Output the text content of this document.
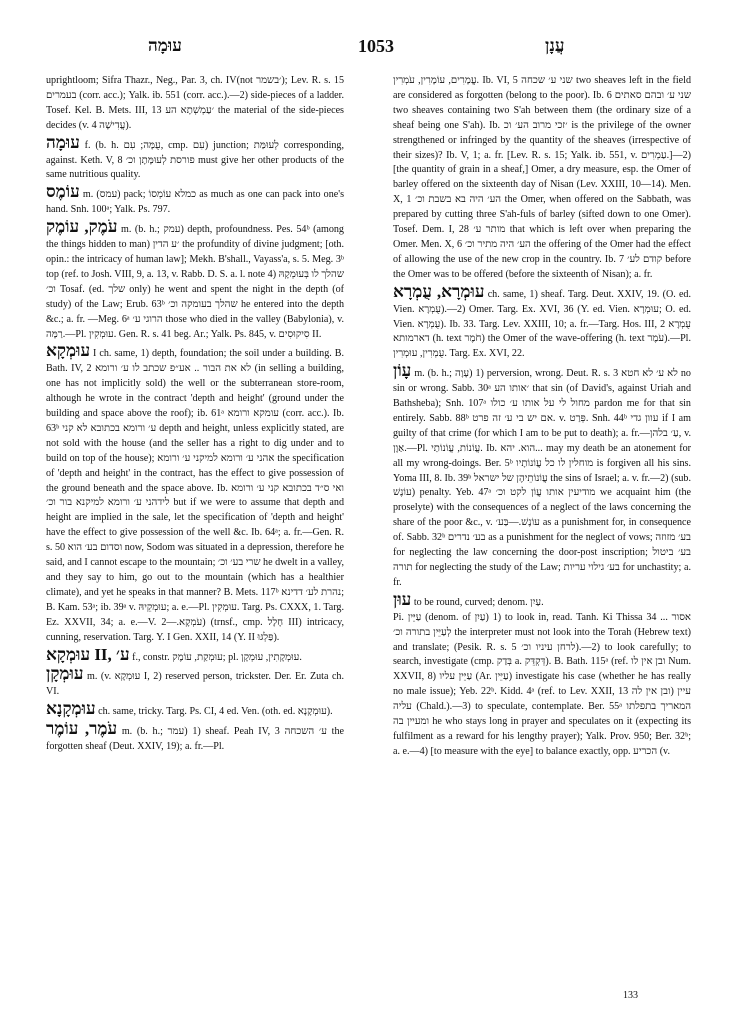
עוּמָה	1053	עֲנָן

uprightloom; Sifra Thazr., Neg., Par. 3, ch. IV(not ׳בשמר); Lev. R. s. 15 בעמרים (corr. acc.); Yalk. ib. 551 (corr. acc.).—2) side-pieces of a ladder. Tosef. Kel. B. Mets. III, 13 ׳עַמְשְׁתָא הע the material of the side-pieces decides (v. עֲדִישָׁה 4).

עוּמָה f. (b. h. עֻמָּה; עִם, cmp. עִם) junction; לְעוּמַּת corresponding, against. Keth. V, 8 פורסת לְעוּמָּתָן וכ׳ must give her other products of the same nutritious quality.

עוֹמֶס m. (עמס) pack; כמלא עוֹמְסוֹ as much as one can pack into one's hand. Snh. 100ᵃ; Yalk. Ps. 797.

עֹמֶק, עוֹמֶק m. (b. h.; עמק) depth, profoundness. Pes. 54ᵇ (among the things hidden to man) ׳ע הדין the profundity of divine judgment; [oth. opin.: the intricacy of human law]; Mekh. B'shall., Vayass'a, s. 5. Meg. 3ᵇ top (ref. to Josh. VIII, 9, a. 13, v. Rabb. D. S. a. l. note 4) שהלך לו בְּעוּמְקָהּ וכ׳ Tosaf. (ed. שלך only) he went and spent the night in the depth (of study) of the Law; Erub. 63ᵇ שהלך בעומקה וכ׳ he entered into the depth &c.; a. fr. —Meg. 6ᵃ הרוגי ע׳ those who died in the valley (Babylonia), v. רַמָּה.—Pl. עוּמְקִין. Gen. R. s. 41 beg. Ar.; Yalk. Ps. 845, v. סִיקוּסִים II.

עוּמְקָא I ch. same, 1) depth, foundation; the soil under a building. B. Bath. IV, 2 לא את הבור .. אע״פ שכתב לו ע׳ ורומא (in selling a building, one has not implicitly sold) the well or the subterranean store-room, although he wrote in the contract 'depth and height' (ground under the building and space above the roof); ib. 61ᵃ עומקא ורומא (corr. acc.). Ib. 63ᵇ ע׳ ורומא בכתובא לא קני depth and height, unless explicitly stated, are not sold with the house (and the seller has a right to dig under and to build on top of the house); אהני ע׳ ורומא למיקני ע׳ ורומא the specification of 'depth and height' in the contract, has the effect to give possession of the ground beneath and the space above. Ib. ואי ס״ד בכתובא קני ע׳ ורומא לידהני ע׳ ורומא למיקנא בור וכ׳ but if we were to assume that depth and height are implied in the sale, let the specification of 'depth and height' have the effect to give possession of the well &c. Ib. 64ᵃ; a. fr.—Gen. R. s. 50 וסדום בע׳ הוא now, Sodom was situated in a depression, therefore he said, and I cannot escape to the mountain; שרי בע׳ וכ׳ he dwelt in a valley, and they say to him, go out to the mountain (which has a healthier climate), and yet he speaks in that manner? B. Mets. 117ᵇ נהרת לע׳ דדינא; B. Kam. 53ᵃ; ib. 39ᵃ v. עוּמְקֵיהּ; a. e.—Pl. עוּמְקִין. Targ. Ps. CXXX, 1. Targ. Ez. XXVII, 34; a. e.—V. עֹמְקָא.—2) (trnsf., cmp. חָלָל III) intricacy, cunning, reservation. Targ. Y. I Gen. XXII, 14 (Y. II פַּלְגּוּ).

עוּמְקָא II, ע׳ f., constr. עוּמְקַת, עוֹמֶק; pl. עוּמְקָתִין, עוּמְקָן.

עוּמְקָן m. (v. עוּמְקָא I, 2) reserved person, trickster. Der. Er. Zuta ch. VI.

עוּמְקָנָא ch. same, tricky. Targ. Ps. CI, 4 ed. Ven. (oth. ed. עוּמְקָנָא).

עֹמֶר, עוֹמֶר m. (b. h.; עמר) 1) sheaf. Peah IV, 3 ע׳ השכחה the forgotten sheaf (Deut. XXIV, 19); a. fr.—Pl.

עֳמָרִים, עוֹמָרִין, עֹמְרִין. Ib. VI, 5 שני ע׳ שכחה two sheaves left in the field are considered as forgotten (belong to the poor). Ib. 6 שני ע׳ ובהם סאתים two sheaves containing two S'ah between them (the ordinary size of a sheaf being one S'ah). Ib. ׳זכי מרוב הע׳ וכ is the privilege of the owner strengthened or infringed by the quantity of the sheaves (irrespective of their sizes)? Ib. V, 1; a. fr. [Lev. R. s. 15; Yalk. ib. 551, v. עַמְרִים.]—2) [the quantity of grain in a sheaf,] Omer, a dry measure, esp. the Omer of barley offered on the sixteenth day of Nisan (Lev. XXIII, 10—14). Men. X, 1 הע׳ היה בא בשבת וכ׳ the Omer, when offered on the Sabbath, was prepared by cutting three S'ah-fuls of barley (sifted down to one Omer). Tosef. Dem. I, 28 מותר ע׳ that which is left over when preparing the Omer. Men. X, 6 הע׳ היה מתיר וכ׳ the offering of the Omer had the effect of allowing the use of the new crop in the country. Ib. 7 קודם לע׳ before the Omer was to be offered (before the sixteenth of Nisan); a. fr.

עוּמְרָא, עֻמְרָא ch. same, 1) sheaf. Targ. Deut. XXIV, 19. (O. ed. Vien. עֻמְרָא).—2) Omer. Targ. Ex. XVI, 36 (Y. ed. Vien. עוּמְרָא; O. ed. Vien. עֻמְרָא). Ib. 33. Targ. Lev. XXIII, 10; a. fr.—Targ. Hos. III, 2 עֻמְרָא דארמותא (h. text חֹמֶר) the Omer of the wave-offering (h. text עֹמֶר).—Pl. עֻמְרִין, עוּמְרִין. Targ. Ex. XVI, 22.

עָוֹן m. (b. h.; עָוָה) 1) perversion, wrong. Deut. R. s. 3 לא ע׳ לא חטא no sin or wrong. Sabb. 30ᵃ ׳אותו הע that sin (of David's, against Uriah and Bathsheba); Snh. 107ᵃ מחול לי על אותו ע׳ כולו pardon me for that sin entirely. Sabb. 88ᵇ אם יש בי ע׳ זה פרט. v. פְּרַט. Snh. 44ᵇ עוון גדי if I am guilty of that crime (for which I am to be put to death); a. fr.—עַ׳ בלהן, v. אַוֶן.—Pl. עֲוֹנוֹת, עֲוֹנוֹתַי. Ib. הוא. יהא... may my death be an atonement for all my wrong-doings. Ber. 5ᵇ מוחלין לו כל עֲוֹנוֹתָיו is forgiven all his sins. Yoma III, 8. Ib. 39ᵇ עֲוֹנוֹתֵיהֶן של ישראל the sins of Israel; a. v. fr.—2) (sub. עוֹנֶשׁ) penalty. Yeb. 47ᵃ מודיעין אותו עֲוֹן לקט וכ׳ we acquaint him (the proselyte) with the consequences of a neglect of the laws concerning the share of the poor &c., v. עוֹנֶשׁ.—בַּע׳ as a punishment for, in consequence of. Sabb. 32ᵇ בע׳ נדרים as a punishment for the neglect of vows; בע׳ מזוזה for neglecting the law concerning the door-post inscription; בע׳ ביטול תורה for neglecting the study of the Law; בע׳ גילוי עריות for unchastity; a. fr.

עוּן to be round, curved; denom. עַיִן.

Pi. עַיֵּין (denom. of עַיִן) 1) to look in, read. Tanh. Ki Thissa 34 אסור ... לְעַיֵּין בתורה וכ׳ the interpreter must not look into the Torah (Hebrew text) and translate; (Pesik. R. s. 5 לרחן עיניו וכ׳).—2) to look carefully; to search, investigate (cmp. בְּדַק a. דְּקְדֵּק). B. Bath. 115ᵃ (ref. ובן אין לו Num. XXVII, 8) עַיֵּין עליו (Ar. עַיֵּין) investigate his case (whether he has really no male issue); Yeb. 22ᵇ. Kidd. 4ᵃ (ref. to Lev. XXII, 13 ובן אין לה) עיין עליה (Chald.).—3) to speculate, contemplate. Ber. 55ᵃ המאריך בתפלתו ומעיין בה he who stays long in prayer and speculates on it (expecting its fulfilment as a reward for his lengthy prayer); Yalk. Prov. 950; Ber. 32ᵇ; a. e.—4) [to measure with the eye] to balance exactly, opp. הכריע (v.

133
